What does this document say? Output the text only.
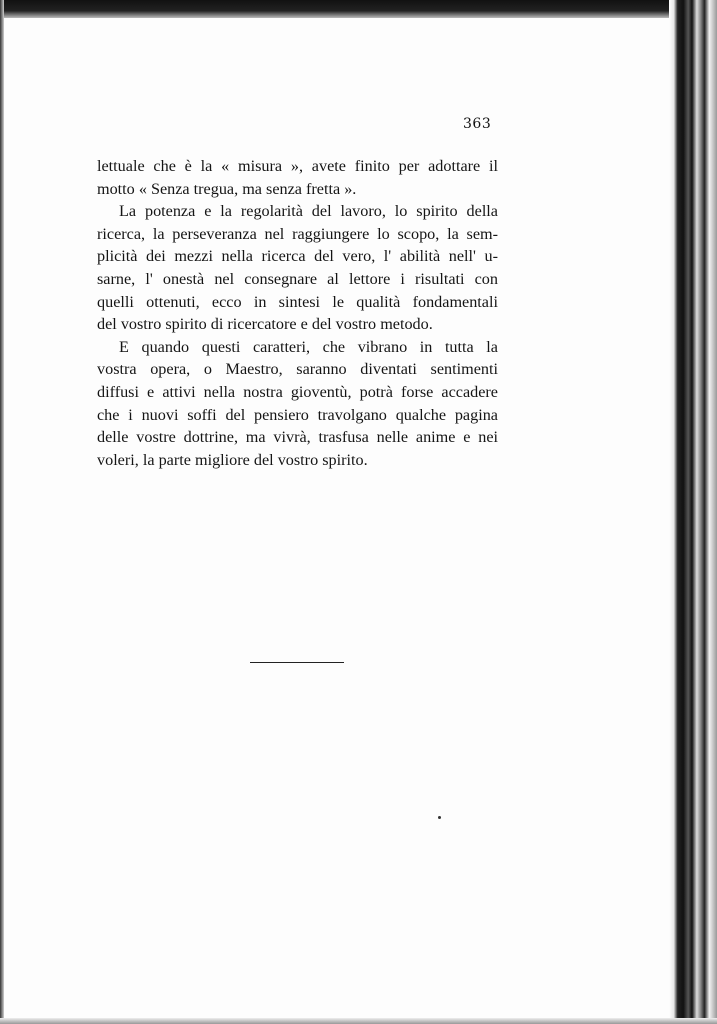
363
lettuale che è la « misura », avete finito per adottare il
motto « Senza tregua, ma senza fretta ».
La potenza e la regolarità del lavoro, lo spirito della
ricerca, la perseveranza nel raggiungere lo scopo, la sem-
plicità dei mezzi nella ricerca del vero, l' abilità nell' u-
sarne, l' onestà nel consegnare al lettore i risultati con
quelli ottenuti, ecco in sintesi le qualità fondamentali
del vostro spirito di ricercatore e del vostro metodo.
E quando questi caratteri, che vibrano in tutta la
vostra opera, o Maestro, saranno diventati sentimenti
diffusi e attivi nella nostra gioventù, potrà forse accadere
che i nuovi soffi del pensiero travolgano qualche pagina
delle vostre dottrine, ma vivrà, trasfusa nelle anime e nei
voleri, la parte migliore del vostro spirito.
